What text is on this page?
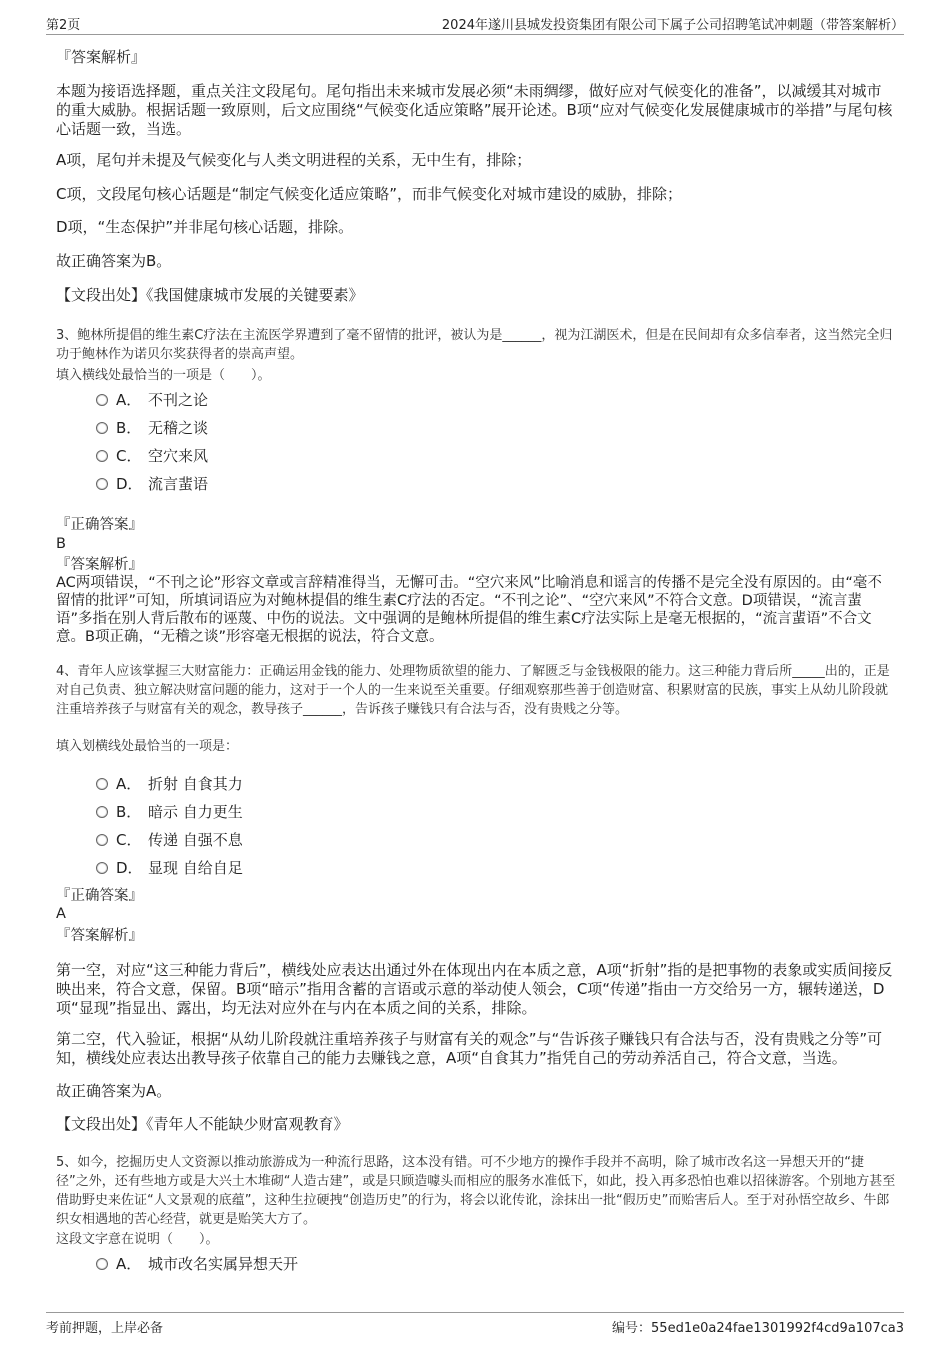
第2页	2024年遂川县城发投资集团有限公司下属子公司招聘笔试冲刺题（带答案解析）
『答案解析』
本题为接语选择题，重点关注文段尾句。尾句指出未来城市发展必须“未雨绸缪，做好应对气候变化的准备”，以减缓其对城市的重大威胁。根据话题一致原则，后文应围绕“气候变化适应策略”展开论述。B项“应对气候变化发展健康城市的举措”与尾句核心话题一致，当选。
A项，尾句并未提及气候变化与人类文明进程的关系，无中生有，排除；
C项，文段尾句核心话题是“制定气候变化适应策略”，而非气候变化对城市建设的威胁，排除；
D项，“生态保护”并非尾句核心话题，排除。
故正确答案为B。
【文段出处】《我国健康城市发展的关键要素》
3、鲍林所提倡的维生素C疗法在主流医学界遭到了毫不留情的批评，被认为是______，视为江湖医术，但是在民间却有众多信奉者，这当然完全归功于鲍林作为诺贝尔奖获得者的崇高声望。
填入横线处最恰当的一项是（　　）。
A． 不刊之论
B． 无稽之谈
C． 空穴来风
D． 流言蜚语
『正确答案』
B
『答案解析』
AC两项错误，“不刊之论”形容文章或言辞精准得当，无懈可击。“空穴来风”比喻消息和谣言的传播不是完全没有原因的。由“毫不留情的批评”可知，所填词语应为对鲍林提倡的维生素C疗法的否定。“不刊之论”、“空穴来风”不符合文意。D项错误，“流言蜚语”多指在别人背后散布的诬蔑、中伤的说法。文中强调的是鲍林所提倡的维生素C疗法实际上是毫无根据的，“流言蜚语”不合文意。B项正确，“无稽之谈”形容毫无根据的说法，符合文意。
4、青年人应该掌握三大财富能力：正确运用金钱的能力、处理物质欲望的能力、了解匮乏与金钱极限的能力。这三种能力背后所_____出的，正是对自己负责、独立解决财富问题的能力，这对于一个人的一生来说至关重要。仔细观察那些善于创造财富、积累财富的民族，事实上从幼儿阶段就注重培养孩子与财富有关的观念，教导孩子______，告诉孩子赚钱只有合法与否，没有贵贱之分等。
填入划横线处最恰当的一项是：
A． 折射 自食其力
B． 暗示 自力更生
C． 传递 自强不息
D． 显现 自给自足
『正确答案』
A
『答案解析』
第一空，对应“这三种能力背后”，横线处应表达出通过外在体现出内在本质之意，A项“折射”指的是把事物的表象或实质间接反映出来，符合文意，保留。B项“暗示”指用含蓄的言语或示意的举动使人领会，C项“传递”指由一方交给另一方，辗转递送，D项“显现”指显出、露出，均无法对应外在与内在本质之间的关系，排除。
第二空，代入验证，根据“从幼儿阶段就注重培养孩子与财富有关的观念”与“告诉孩子赚钱只有合法与否，没有贵贱之分等”可知，横线处应表达出教导孩子依靠自己的能力去赚钱之意，A项“自食其力”指凭自己的劳动养活自己，符合文意，当选。
故正确答案为A。
【文段出处】《青年人不能缺少财富观教育》
5、如今，挖掘历史人文资源以推动旅游成为一种流行思路，这本没有错。可不少地方的操作手段并不高明，除了城市改名这一异想天开的“捷径”之外，还有些地方或是大兴土木堆砌“人造古建”，或是只顾造噱头而相应的服务水准低下，如此，投入再多恐怕也难以招徕游客。个别地方甚至借助野史来佐证“人文景观的底蕴”，这种生拉硬拽“创造历史”的行为，将会以讹传讹，涂抹出一批“假历史”而贻害后人。至于对孙悟空故乡、牛郎织女相遇地的苦心经营，就更是贻笑大方了。
这段文字意在说明（　　）。
A． 城市改名实属异想天开
考前押题，上岸必备	编号：55ed1e0a24fae1301992f4cd9a107ca3
